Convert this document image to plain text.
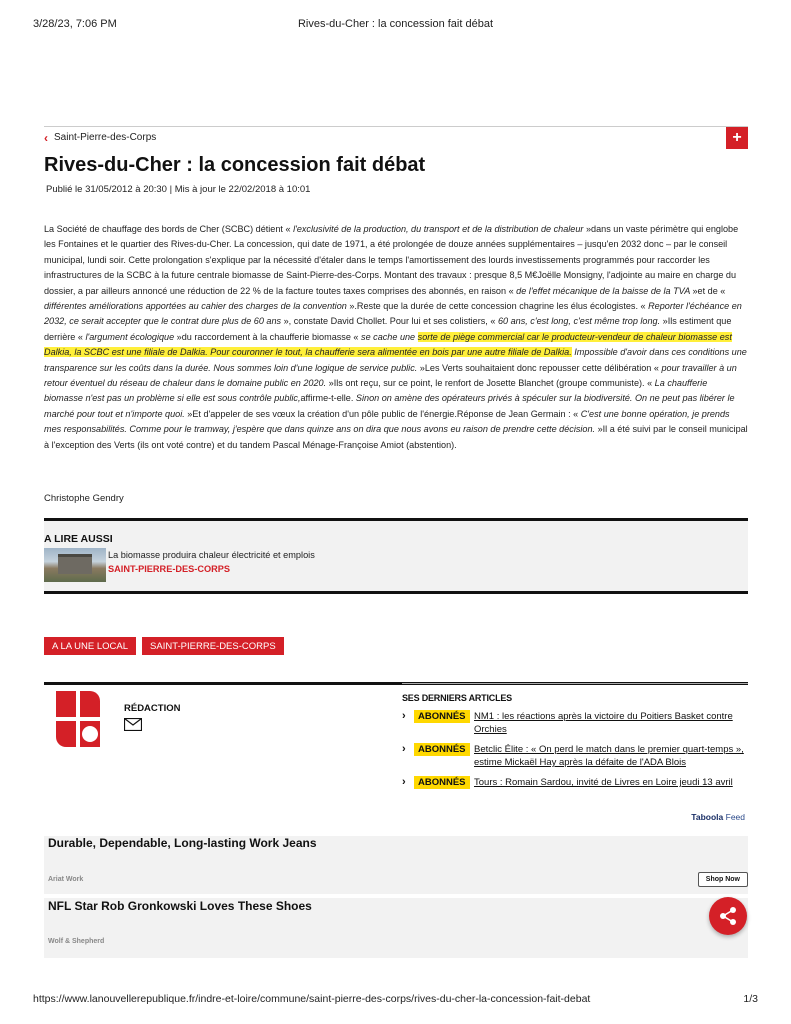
3/28/23, 7:06 PM	Rives-du-Cher : la concession fait débat
‹ Saint-Pierre-des-Corps	+
Rives-du-Cher : la concession fait débat
Publié le 31/05/2012 à 20:30 | Mis à jour le 22/02/2018 à 10:01
La Société de chauffage des bords de Cher (SCBC) détient « l'exclusivité de la production, du transport et de la distribution de chaleur »dans un vaste périmètre qui englobe les Fontaines et le quartier des Rives-du-Cher. La concession, qui date de 1971, a été prolongée de douze années supplémentaires – jusqu'en 2032 donc – par le conseil municipal, lundi soir. Cette prolongation s'explique par la nécessité d'étaler dans le temps l'amortissement des lourds investissements programmés pour raccorder les infrastructures de la SCBC à la future centrale biomasse de Saint-Pierre-des-Corps. Montant des travaux : presque 8,5 M€Joëlle Monsigny, l'adjointe au maire en charge du dossier, a par ailleurs annoncé une réduction de 22 % de la facture toutes taxes comprises des abonnés, en raison « de l'effet mécanique de la baisse de la TVA »et de « différentes améliorations apportées au cahier des charges de la convention ».Reste que la durée de cette concession chagrine les élus écologistes. « Reporter l'échéance en 2032, ce serait accepter que le contrat dure plus de 60 ans », constate David Chollet. Pour lui et ses colistiers, « 60 ans, c'est long, c'est même trop long. »Ils estiment que derrière « l'argument écologique »du raccordement à la chaufferie biomasse « se cache une sorte de piège commercial car le producteur-vendeur de chaleur biomasse est Dalkia, la SCBC est une filiale de Dalkia. Pour couronner le tout, la chaufferie sera alimentée en bois par une autre filiale de Dalkia. Impossible d'avoir dans ces conditions une transparence sur les coûts dans la durée. Nous sommes loin d'une logique de service public. »Les Verts souhaitaient donc repousser cette délibération « pour travailler à un retour éventuel du réseau de chaleur dans le domaine public en 2020. »Ils ont reçu, sur ce point, le renfort de Josette Blanchet (groupe communiste). « La chaufferie biomasse n'est pas un problème si elle est sous contrôle public,affirme-t-elle. Sinon on amène des opérateurs privés à spéculer sur la biodiversité. On ne peut pas libérer le marché pour tout et n'importe quoi. »Et d'appeler de ses vœux la création d'un pôle public de l'énergie.Réponse de Jean Germain : « C'est une bonne opération, je prends mes responsabilités. Comme pour le tramway, j'espère que dans quinze ans on dira que nous avons eu raison de prendre cette décision. »Il a été suivi par le conseil municipal à l'exception des Verts (ils ont voté contre) et du tandem Pascal Ménage-Françoise Amiot (abstention).
Christophe Gendry
A LIRE AUSSI
La biomasse produira chaleur électricité et emplois
SAINT-PIERRE-DES-CORPS
A LA UNE LOCAL	SAINT-PIERRE-DES-CORPS
RÉDACTION
SES DERNIERS ARTICLES
›	ABONNÉS NM1 : les réactions après la victoire du Poitiers Basket contre Orchies
›	ABONNÉS Betclic Élite : « On perd le match dans le premier quart-temps », estime Mickaël Hay après la défaite de l'ADA Blois
›	ABONNÉS Tours : Romain Sardou, invité de Livres en Loire jeudi 13 avril
Taboola Feed
Durable, Dependable, Long-lasting Work Jeans
Ariat Work	Shop Now
NFL Star Rob Gronkowski Loves These Shoes
Wolf & Shepherd
https://www.lanouvellerepublique.fr/indre-et-loire/commune/saint-pierre-des-corps/rives-du-cher-la-concession-fait-debat	1/3
